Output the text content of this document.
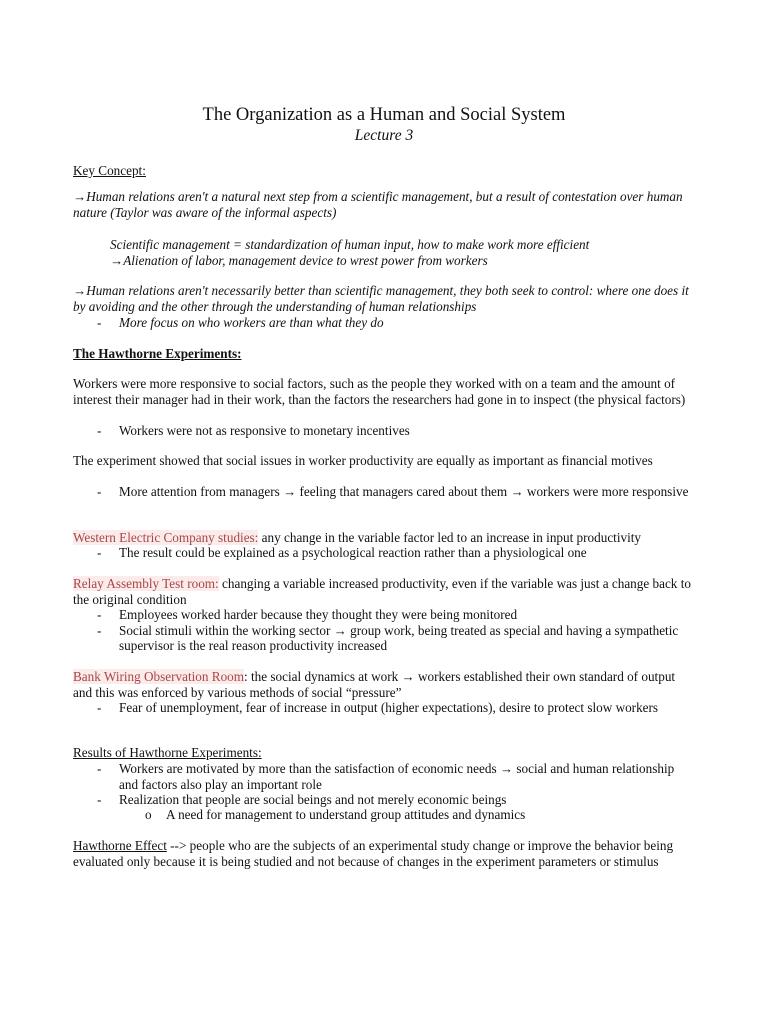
The Organization as a Human and Social System
Lecture 3

Key Concept:

→Human relations aren't a natural next step from a scientific management, but a result of contestation over human nature (Taylor was aware of the informal aspects)

Scientific management = standardization of human input, how to make work more efficient

→Alienation of labor, management device to wrest power from workers

→Human relations aren't necessarily better than scientific management, they both seek to control: where one does it by avoiding and the other through the understanding of human relationships

- More focus on who workers are than what they do

The Hawthorne Experiments:

Workers were more responsive to social factors, such as the people they worked with on a team and the amount of interest their manager had in their work, than the factors the researchers had gone in to inspect (the physical factors)

- Workers were not as responsive to monetary incentives

The experiment showed that social issues in worker productivity are equally as important as financial motives

- More attention from managers → feeling that managers cared about them → workers were more responsive

Western Electric Company studies: any change in the variable factor led to an increase in input productivity

- The result could be explained as a psychological reaction rather than a physiological one

Relay Assembly Test room: changing a variable increased productivity, even if the variable was just a change back to the original condition

- Employees worked harder because they thought they were being monitored
- Social stimuli within the working sector → group work, being treated as special and having a sympathetic supervisor is the real reason productivity increased

Bank Wiring Observation Room: the social dynamics at work → workers established their own standard of output and this was enforced by various methods of social “pressure”

- Fear of unemployment, fear of increase in output (higher expectations), desire to protect slow workers

Results of Hawthorne Experiments:

- Workers are motivated by more than the satisfaction of economic needs → social and human relationship and factors also play an important role
- Realization that people are social beings and not merely economic beings
o A need for management to understand group attitudes and dynamics

Hawthorne Effect --> people who are the subjects of an experimental study change or improve the behavior being evaluated only because it is being studied and not because of changes in the experiment parameters or stimulus
